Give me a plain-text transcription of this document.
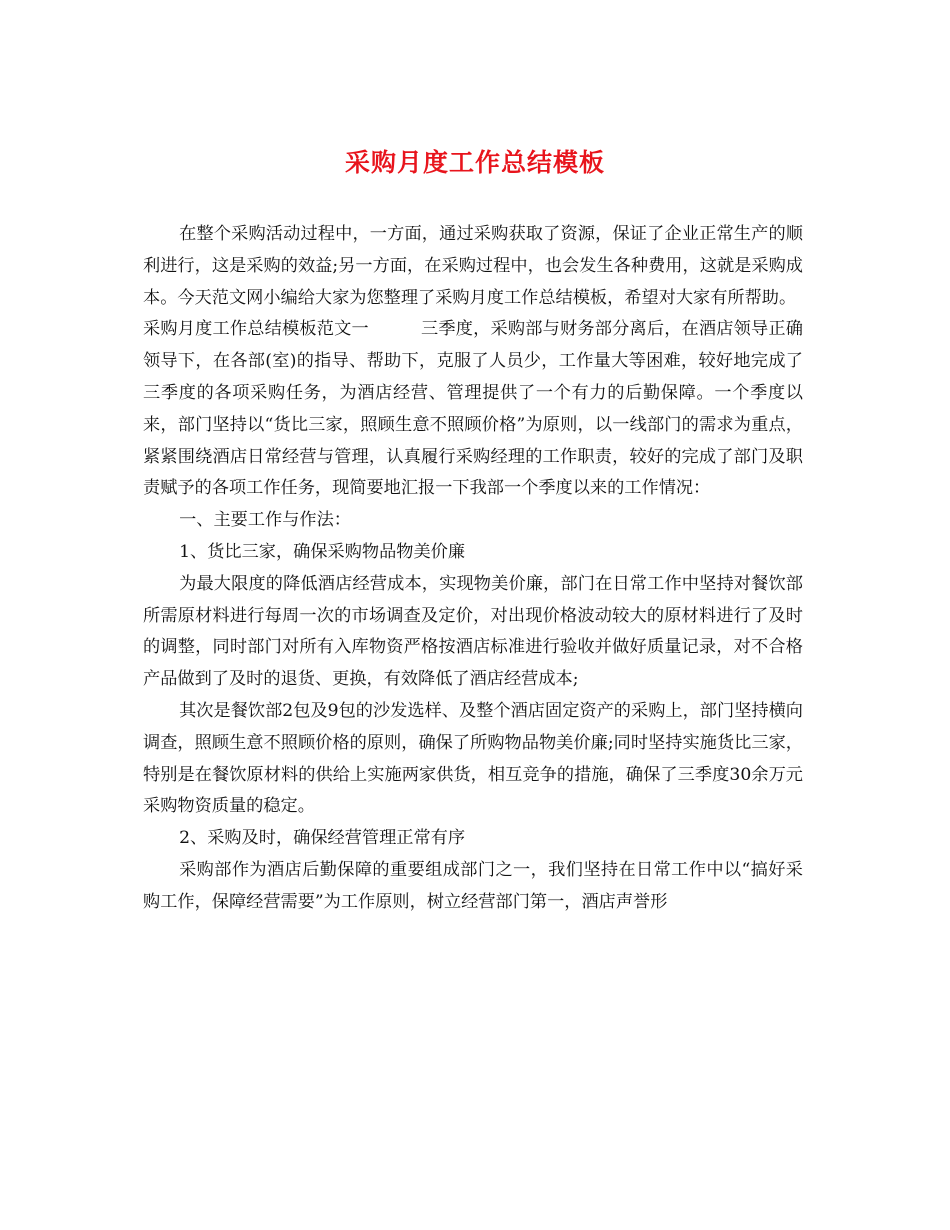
采购月度工作总结模板

在整个采购活动过程中，一方面，通过采购获取了资源，保证了企业正常生产的顺利进行，这是采购的效益;另一方面，在采购过程中，也会发生各种费用，这就是采购成本。今天范文网小编给大家为您整理了采购月度工作总结模板，希望对大家有所帮助。

采购月度工作总结模板范文一　　　三季度，采购部与财务部分离后，在酒店领导正确领导下，在各部(室)的指导、帮助下，克服了人员少，工作量大等困难，较好地完成了三季度的各项采购任务，为酒店经营、管理提供了一个有力的后勤保障。一个季度以来，部门坚持以“货比三家，照顾生意不照顾价格”为原则，以一线部门的需求为重点，紧紧围绕酒店日常经营与管理，认真履行采购经理的工作职责，较好的完成了部门及职责赋予的各项工作任务，现简要地汇报一下我部一个季度以来的工作情况：

一、主要工作与作法：

1、货比三家，确保采购物品物美价廉

为最大限度的降低酒店经营成本，实现物美价廉，部门在日常工作中坚持对餐饮部所需原材料进行每周一次的市场调查及定价，对出现价格波动较大的原材料进行了及时的调整，同时部门对所有入库物资严格按酒店标准进行验收并做好质量记录，对不合格产品做到了及时的退货、更换，有效降低了酒店经营成本;

其次是餐饮部2包及9包的沙发选样、及整个酒店固定资产的采购上，部门坚持横向调查，照顾生意不照顾价格的原则，确保了所购物品物美价廉;同时坚持实施货比三家，特别是在餐饮原材料的供给上实施两家供货，相互竞争的措施，确保了三季度30余万元采购物资质量的稳定。

2、采购及时，确保经营管理正常有序

采购部作为酒店后勤保障的重要组成部门之一，我们坚持在日常工作中以“搞好采购工作，保障经营需要”为工作原则，树立经营部门第一，酒店声誉形
